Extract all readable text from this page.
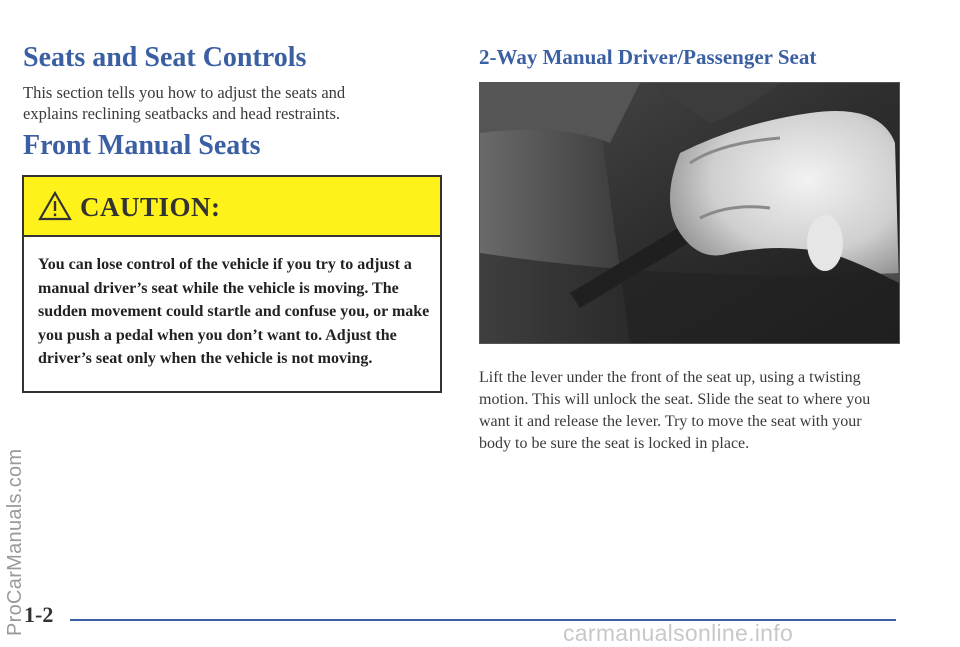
Seats and Seat Controls
This section tells you how to adjust the seats and explains reclining seatbacks and head restraints.
Front Manual Seats
CAUTION:
You can lose control of the vehicle if you try to adjust a manual driver’s seat while the vehicle is moving. The sudden movement could startle and confuse you, or make you push a pedal when you don’t want to. Adjust the driver’s seat only when the vehicle is not moving.
2-Way Manual Driver/Passenger Seat
Lift the lever under the front of the seat up, using a twisting motion. This will unlock the seat. Slide the seat to where you want it and release the lever. Try to move the seat with your body to be sure the seat is locked in place.
1-2
ProCarManuals.com	carmanualsonline.info
